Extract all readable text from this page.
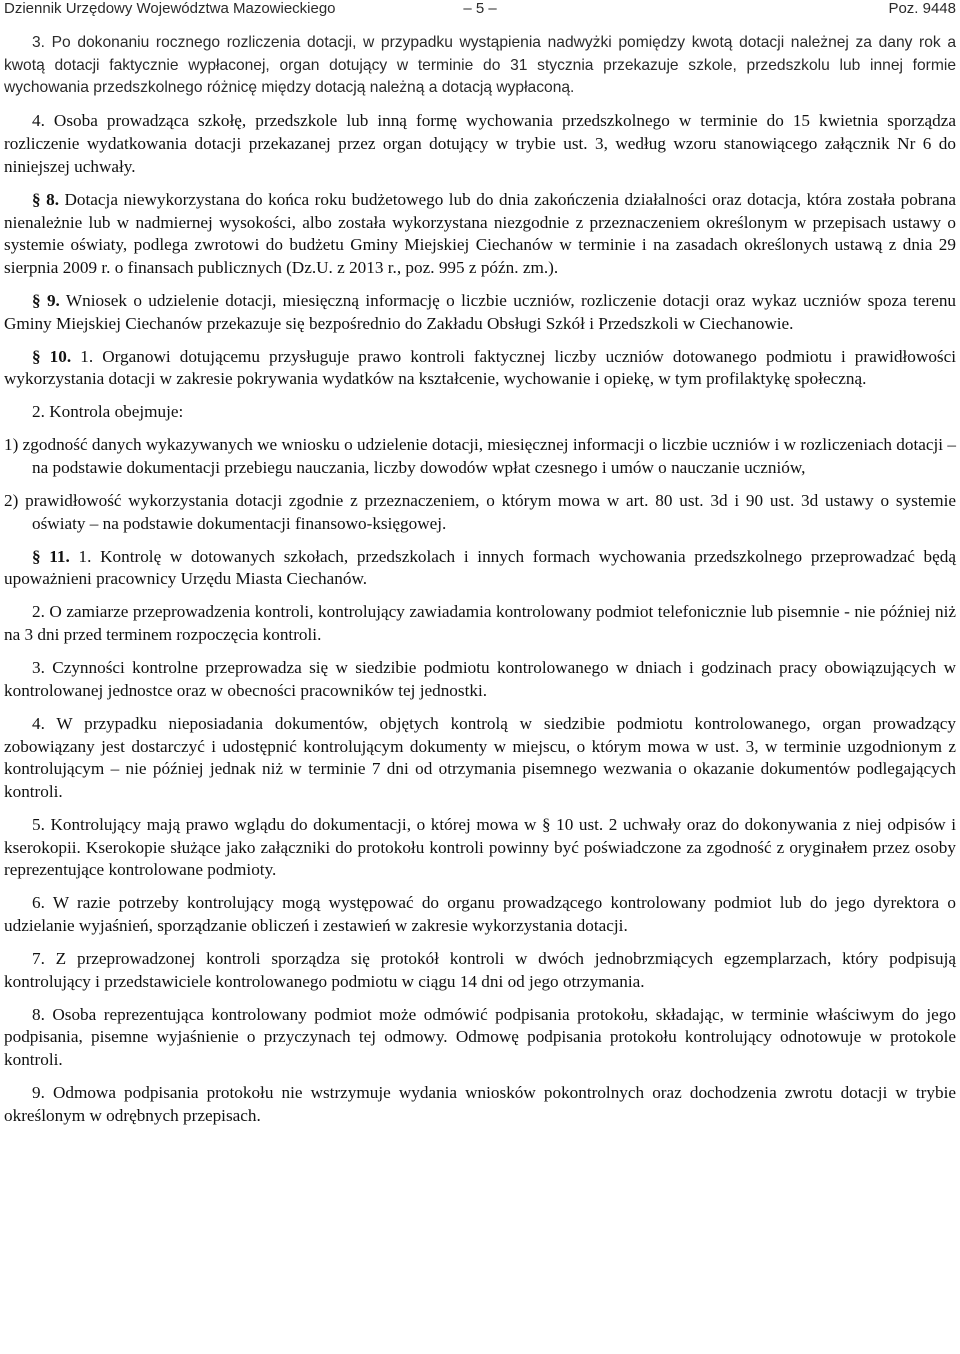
Dziennik Urzędowy Województwa Mazowieckiego	– 5 –	Poz. 9448

3. Po dokonaniu rocznego rozliczenia dotacji, w przypadku wystąpienia nadwyżki pomiędzy kwotą dotacji należnej za dany rok a kwotą dotacji faktycznie wypłaconej, organ dotujący w terminie do 31 stycznia przekazuje szkole, przedszkolu lub innej formie wychowania przedszkolnego różnicę między dotacją należną a dotacją wypłaconą.

4. Osoba prowadząca szkołę, przedszkole lub inną formę wychowania przedszkolnego w terminie do 15 kwietnia sporządza rozliczenie wydatkowania dotacji przekazanej przez organ dotujący w trybie ust. 3, według wzoru stanowiącego załącznik Nr 6 do niniejszej uchwały.

§ 8. Dotacja niewykorzystana do końca roku budżetowego lub do dnia zakończenia działalności oraz dotacja, która została pobrana nienależnie lub w nadmiernej wysokości, albo została wykorzystana niezgodnie z przeznaczeniem określonym w przepisach ustawy o systemie oświaty, podlega zwrotowi do budżetu Gminy Miejskiej Ciechanów w terminie i na zasadach określonych ustawą z dnia 29 sierpnia 2009 r. o finansach publicznych (Dz.U. z 2013 r., poz. 995 z późn. zm.).

§ 9. Wniosek o udzielenie dotacji, miesięczną informację o liczbie uczniów, rozliczenie dotacji oraz wykaz uczniów spoza terenu Gminy Miejskiej Ciechanów przekazuje się bezpośrednio do Zakładu Obsługi Szkół i Przedszkoli w Ciechanowie.

§ 10. 1. Organowi dotującemu przysługuje prawo kontroli faktycznej liczby uczniów dotowanego podmiotu i prawidłowości wykorzystania dotacji w zakresie pokrywania wydatków na kształcenie, wychowanie i opiekę, w tym profilaktykę społeczną.

2. Kontrola obejmuje:

1) zgodność danych wykazywanych we wniosku o udzielenie dotacji, miesięcznej informacji o liczbie uczniów i w rozliczeniach dotacji – na podstawie dokumentacji przebiegu nauczania, liczby dowodów wpłat czesnego i umów o nauczanie uczniów,

2) prawidłowość wykorzystania dotacji zgodnie z przeznaczeniem, o którym mowa w art. 80 ust. 3d i 90 ust. 3d ustawy o systemie oświaty – na podstawie dokumentacji finansowo-księgowej.

§ 11. 1. Kontrolę w dotowanych szkołach, przedszkolach i innych formach wychowania przedszkolnego przeprowadzać będą upoważnieni pracownicy Urzędu Miasta Ciechanów.

2. O zamiarze przeprowadzenia kontroli, kontrolujący zawiadamia kontrolowany podmiot telefonicznie lub pisemnie - nie później niż na 3 dni przed terminem rozpoczęcia kontroli.

3. Czynności kontrolne przeprowadza się w siedzibie podmiotu kontrolowanego w dniach i godzinach pracy obowiązujących w kontrolowanej jednostce oraz w obecności pracowników tej jednostki.

4. W przypadku nieposiadania dokumentów, objętych kontrolą w siedzibie podmiotu kontrolowanego, organ prowadzący zobowiązany jest dostarczyć i udostępnić kontrolującym dokumenty w miejscu, o którym mowa w ust. 3, w terminie uzgodnionym z kontrolującym – nie później jednak niż w terminie 7 dni od otrzymania pisemnego wezwania o okazanie dokumentów podlegających kontroli.

5. Kontrolujący mają prawo wglądu do dokumentacji, o której mowa w § 10 ust. 2 uchwały oraz do dokonywania z niej odpisów i kserokopii. Kserokopie służące jako załączniki do protokołu kontroli powinny być poświadczone za zgodność z oryginałem przez osoby reprezentujące kontrolowane podmioty.

6. W razie potrzeby kontrolujący mogą występować do organu prowadzącego kontrolowany podmiot lub do jego dyrektora o udzielanie wyjaśnień, sporządzanie obliczeń i zestawień w zakresie wykorzystania dotacji.

7. Z przeprowadzonej kontroli sporządza się protokół kontroli w dwóch jednobrzmiących egzemplarzach, który podpisują kontrolujący i przedstawiciele kontrolowanego podmiotu w ciągu 14 dni od jego otrzymania.

8. Osoba reprezentująca kontrolowany podmiot może odmówić podpisania protokołu, składając, w terminie właściwym do jego podpisania, pisemne wyjaśnienie o przyczynach tej odmowy. Odmowę podpisania protokołu kontrolujący odnotowuje w protokole kontroli.

9. Odmowa podpisania protokołu nie wstrzymuje wydania wniosków pokontrolnych oraz dochodzenia zwrotu dotacji w trybie określonym w odrębnych przepisach.
